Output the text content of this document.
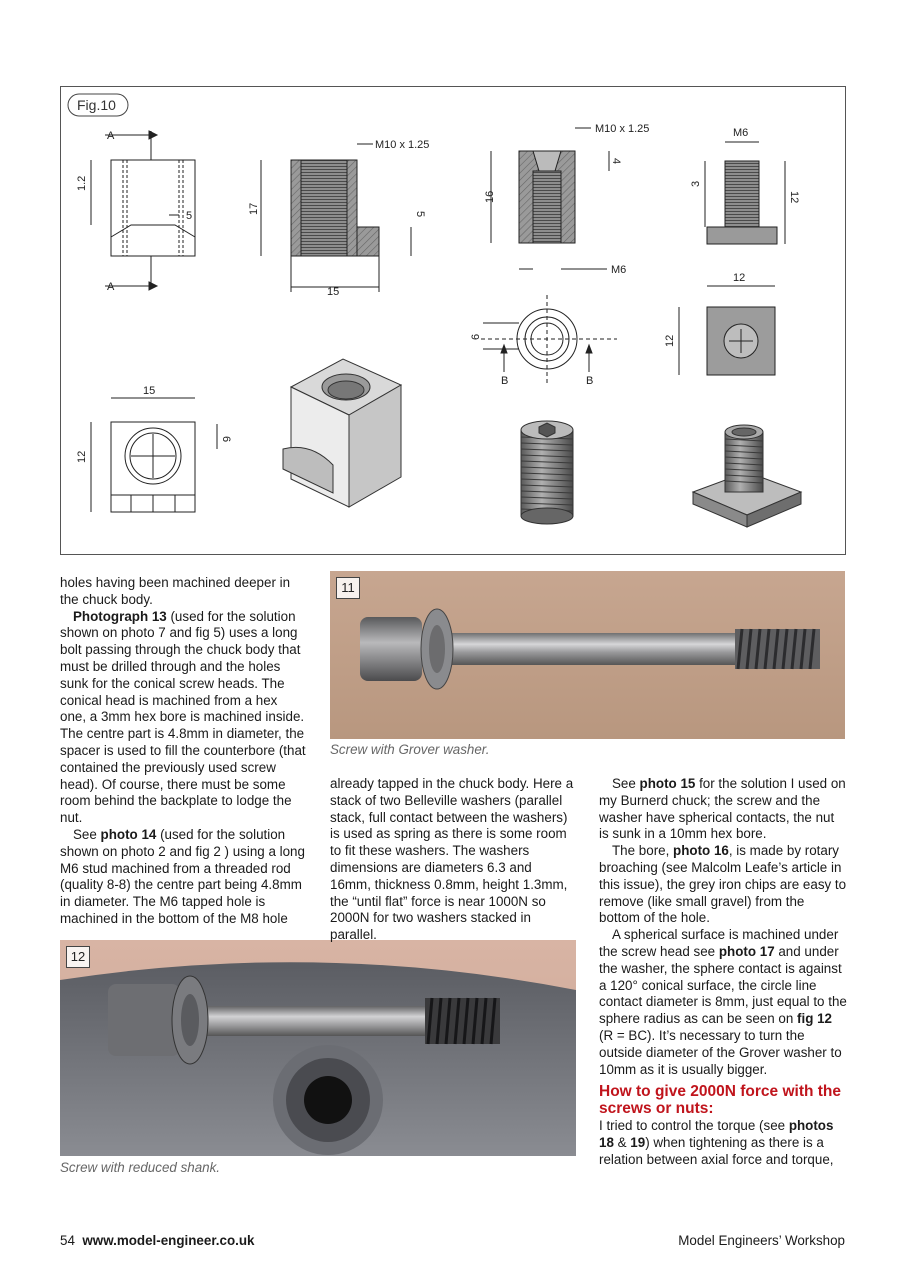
Fig.10
A
A
1.2
5
M10 x 1.25
17	5
15
M10 x 1.25
16
4
M6
M6
3
12
6
B	B
12
12
15
12
6
11
Screw with Grover washer.
12
Screw with reduced shank.

holes having been machined deeper in the chuck body.

Photograph 13 (used for the solution shown on photo 7 and fig 5) uses a long bolt passing through the chuck body that must be drilled through and the holes sunk for the conical screw heads. The conical head is machined from a hex one, a 3mm hex bore is machined inside. The centre part is 4.8mm in diameter, the spacer is used to fill the counterbore (that contained the previously used screw head). Of course, there must be some room behind the backplate to lodge the nut.

See photo 14 (used for the solution shown on photo 2 and fig 2 ) using a long M6 stud machined from a threaded rod (quality 8-8) the centre part being 4.8mm in diameter. The M6 tapped hole is machined in the bottom of the M8 hole

already tapped in the chuck body. Here a stack of two Belleville washers (parallel stack, full contact between the washers) is used as spring as there is some room to fit these washers. The washers dimensions are diameters 6.3 and 16mm, thickness 0.8mm, height 1.3mm, the “until flat” force is near 1000N so 2000N for two washers stacked in parallel.

See photo 15 for the solution I used on my Burnerd chuck; the screw and the washer have spherical contacts, the nut is sunk in a 10mm hex bore.

The bore, photo 16, is made by rotary broaching (see Malcolm Leafe’s article in this issue), the grey iron chips are easy to remove (like small gravel) from the bottom of the hole.

A spherical surface is machined under the screw head see photo 17 and under the washer, the sphere contact is against a 120° conical surface, the circle line contact diameter is 8mm, just equal to the sphere radius as can be seen on fig 12 (R = BC). It’s necessary to turn the outside diameter of the Grover washer to 10mm as it is usually bigger.

How to give 2000N force with the screws or nuts:

I tried to control the torque (see photos 18 & 19) when tightening as there is a relation between axial force and torque,

54 www.model-engineer.co.uk	Model Engineers’ Workshop
